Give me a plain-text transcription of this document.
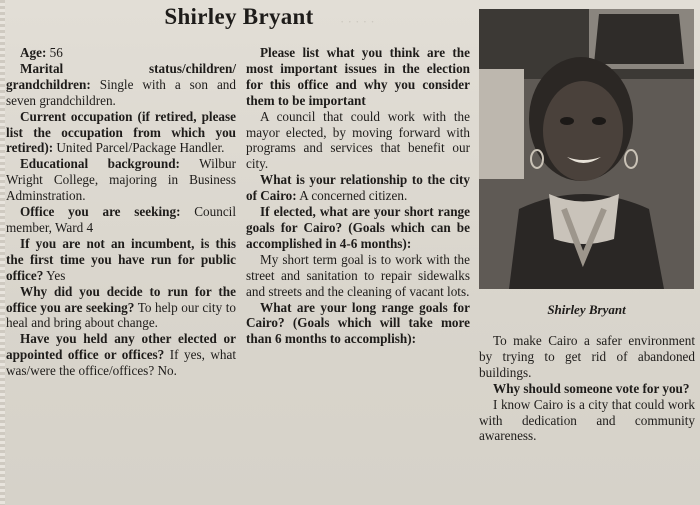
· · · · ·
Shirley Bryant

Age: 56

Marital status/children/ grandchildren: Single with a son and seven grandchildren.

Current occupation (if retired, please list the occupation from which you retired): United Parcel/Package Handler.

Educational background: Wilbur Wright College, majoring in Business Adminstration.

Office you are seeking: Council member, Ward 4

If you are not an incumbent, is this the first time you have run for public office? Yes

Why did you decide to run for the office you are seeking? To help our city to heal and bring about change.

Have you held any other elected or appointed office or offices? If yes, what was/were the office/offices? No.

Please list what you think are the most important issues in the election for this office and why you consider them to be important

A council that could work with the mayor elected, by moving forward with programs and services that benefit our city.

What is your relationship to the city of Cairo: A concerned citizen.

If elected, what are your short range goals for Cairo? (Goals which can be accomplished in 4-6 months):

My short term goal is to work with the street and sanitation to repair sidewalks and streets and the cleaning of vacant lots.

What are your long range goals for Cairo? (Goals which will take more than 6 months to accomplish):

Shirley Bryant

To make Cairo a safer environment by trying to get rid of abandoned buildings.

Why should someone vote for you?

I know Cairo is a city that could work with dedication and community awareness.
